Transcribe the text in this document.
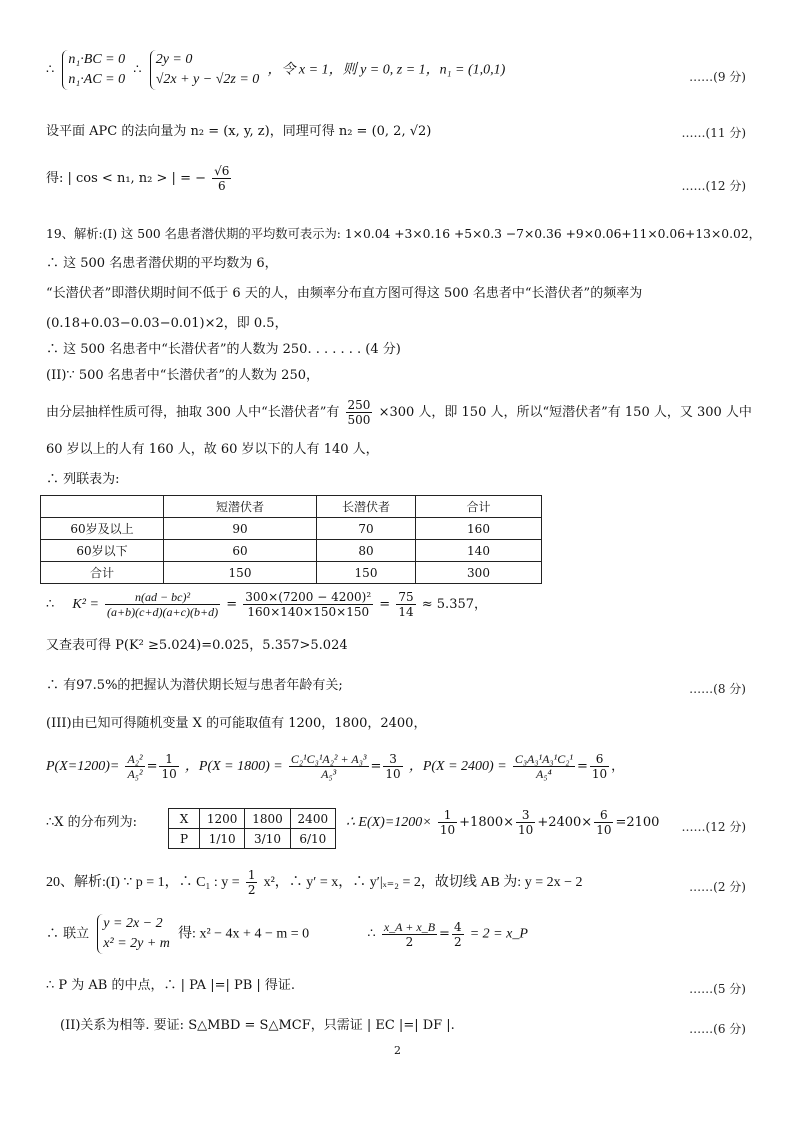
∴
n₁·BC = 0
n₁·AC = 0
∴
2y = 0
√2x + y − √2z = 0
，令 x = 1，则 y = 0, z = 1，n₁ = (1,0,1)	……(9 分)
设平面 APC 的法向量为 n₂ = (x, y, z)，同理可得 n₂ = (0, 2, √2)	……(11 分)
得: | cos < n₁, n₂ > | = − $\frac{√6}{6}$	……(12 分)
19、解析:(I) 这 500 名患者潜伏期的平均数可表示为: 1×0.04 +3×0.16 +5×0.3 −7×0.36 +9×0.06+11×0.06+13×0.02，
∴ 这 500 名患者潜伏期的平均数为 6，
“长潜伏者”即潜伏期时间不低于 6 天的人，由频率分布直方图可得这 500 名患者中“长潜伏者”的频率为
(0.18+0.03−0.03−0.01)×2，即 0.5，
∴ 这 500 名患者中“长潜伏者”的人数为 250. . . . . . . (4 分)
(II)∵ 500 名患者中“长潜伏者”的人数为 250，
由分层抽样性质可得，抽取 300 人中“长潜伏者”有 $\frac{250}{500} \times 300$ 人，即 150 人，所以“短潜伏者”有 150 人，又 300 人中
60 岁以上的人有 160 人，故 60 岁以下的人有 140 人，
∴ 列联表为:
	短潜伏者	长潜伏者	合计
60岁及以上	90	70	160
60岁以下	60	80	140
合计	150	150	300
∴ $K^2 = \frac{\text{n(ad − bc)²}}{(a+b)(c+d)(a+c)(b+d)} = \frac{\text{300×(7200 − 4200)²}}{160\times 140\times 150\times 150} = \frac{75}{14} \approx 5.357$，
又查表可得 P(K² ≥5.024)=0.025，5.357>5.024
∴ 有97.5%的把握认为潜伏期长短与患者年龄有关;	……(8 分)
(III)由已知可得随机变量 X 的可能取值有 1200，1800，2400，
$P(X=1200)= \frac{\text{A₂²}}{\text{A₅²}} = \frac{1}{10}$ ，$P(X = 1800) = \frac{\text{C₂¹C₃¹A₂² + A₃³}}{\text{A₅³}} = \frac{3}{10}$ ，$P(X = 2400) = \frac{\text{C₃A₃¹A₃¹C₂¹}}{\text{A₅⁴}} = \frac{6}{10}$ ，
∴X 的分布列为:	X	1200	1800	2400
P	1/10	3/10	6/10
∴ $E(X)=1200\times \frac{1}{10} +1800\times \frac{3}{10} +2400\times \frac{6}{10} =2100$ ……(12 分)
20、解析:(I) ∵ p = 1，∴ C₁ : $y = \frac{1}{2} x^2$，∴ y′ = x，∴ y′|ₓ₌₂ = 2，故切线 AB 为: y = 2x − 2	……(2 分)
∴ 联立
y = 2x − 2
x² = 2y + m
得: x² − 4x + 4 − m = 0	∴ $\frac{x\_A + x\_B}{2} = \frac{4}{2} = 2$ = x_P
∴ P 为 AB 的中点，∴ | PA |=| PB | 得证.	……(5 分)
(II)关系为相等. 要证: S△MBD = S△MCF，只需证 | EC |=| DF |.	……(6 分)
2
